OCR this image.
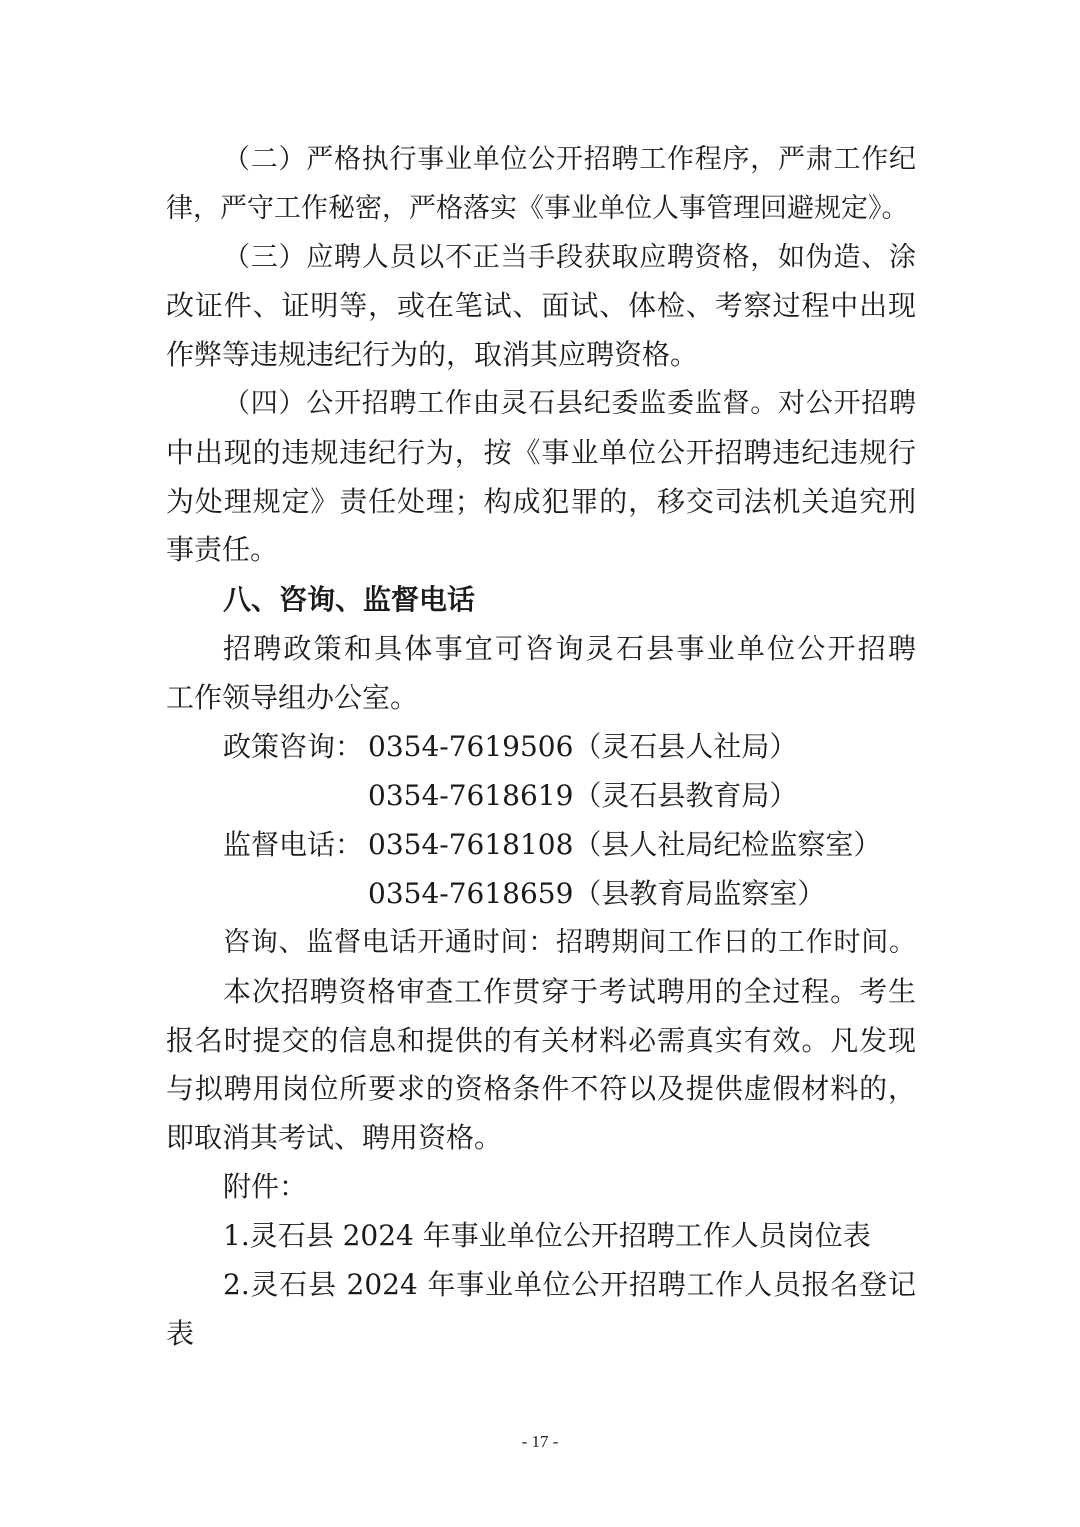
（二）严格执行事业单位公开招聘工作程序，严肃工作纪
律，严守工作秘密，严格落实《事业单位人事管理回避规定》。
（三）应聘人员以不正当手段获取应聘资格，如伪造、涂
改证件、证明等，或在笔试、面试、体检、考察过程中出现
作弊等违规违纪行为的，取消其应聘资格。
（四）公开招聘工作由灵石县纪委监委监督。对公开招聘
中出现的违规违纪行为，按《事业单位公开招聘违纪违规行
为处理规定》责任处理；构成犯罪的，移交司法机关追究刑
事责任。
八、咨询、监督电话
招聘政策和具体事宜可咨询灵石县事业单位公开招聘
工作领导组办公室。
政策咨询： 0354-7619506（灵石县人社局）
0354-7618619（灵石县教育局）
监督电话： 0354-7618108（县人社局纪检监察室）
0354-7618659（县教育局监察室）
咨询、监督电话开通时间：招聘期间工作日的工作时间。
本次招聘资格审查工作贯穿于考试聘用的全过程。考生
报名时提交的信息和提供的有关材料必需真实有效。凡发现
与拟聘用岗位所要求的资格条件不符以及提供虚假材料的，
即取消其考试、聘用资格。
附件：
1.灵石县 2024 年事业单位公开招聘工作人员岗位表
2.灵石县 2024 年事业单位公开招聘工作人员报名登记
表
- 17 -
